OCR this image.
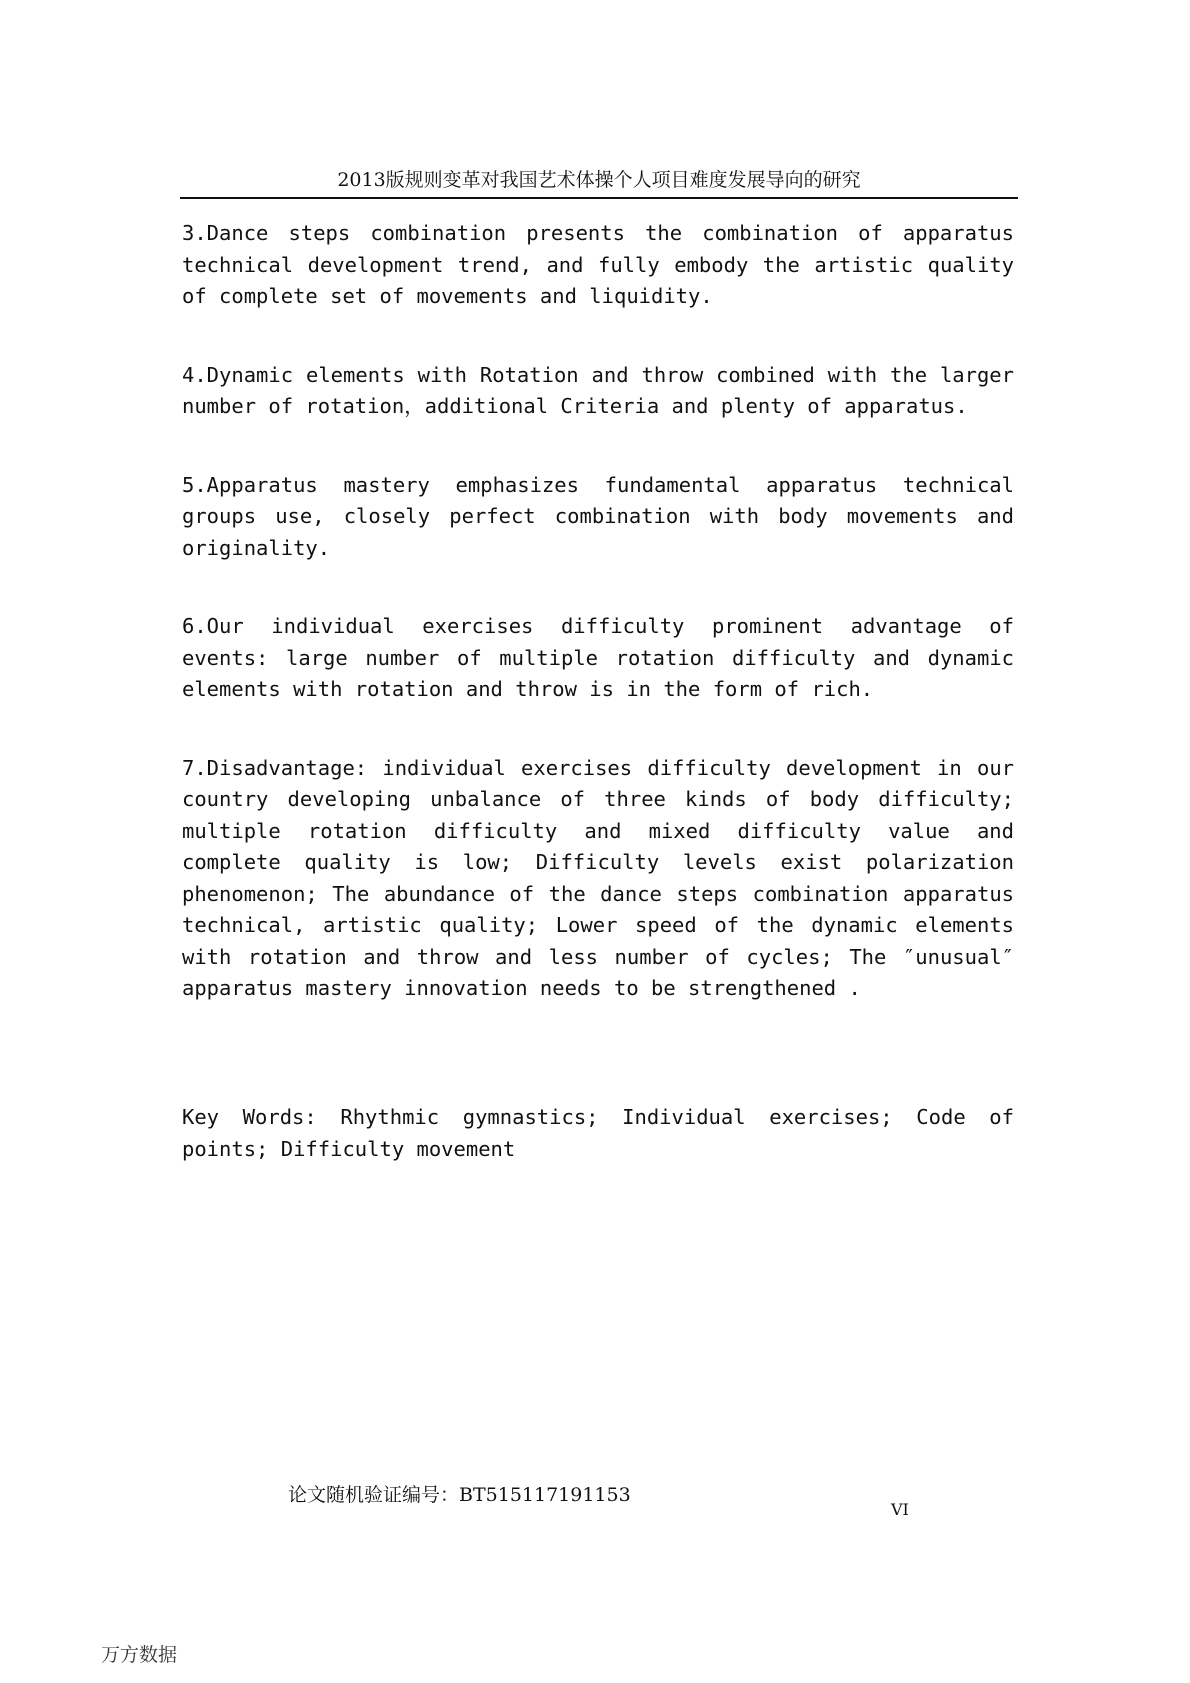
2013版规则变革对我国艺术体操个人项目难度发展导向的研究

3.Dance steps combination presents the combination of apparatus technical development trend, and fully embody the artistic quality of complete set of movements and liquidity.

4.Dynamic elements with Rotation and throw combined with the larger number of rotation，additional Criteria and plenty of apparatus.

5.Apparatus mastery emphasizes fundamental apparatus technical groups use, closely perfect combination with body movements and originality.

6.Our individual exercises difficulty prominent advantage of events: large number of multiple rotation difficulty and dynamic elements with rotation and throw is in the form of rich.

7.Disadvantage: individual exercises difficulty development in our country developing unbalance of three kinds of body difficulty; multiple rotation difficulty and mixed difficulty value and complete quality is low; Difficulty levels exist polarization phenomenon; The abundance of the dance steps combination apparatus technical, artistic quality; Lower speed of the dynamic elements with rotation and throw and less number of cycles; The ″unusual″ apparatus mastery innovation needs to be strengthened .

Key Words: Rhythmic gymnastics; Individual exercises; Code of points; Difficulty movement

论文随机验证编号：BT515117191153

VI

万方数据
